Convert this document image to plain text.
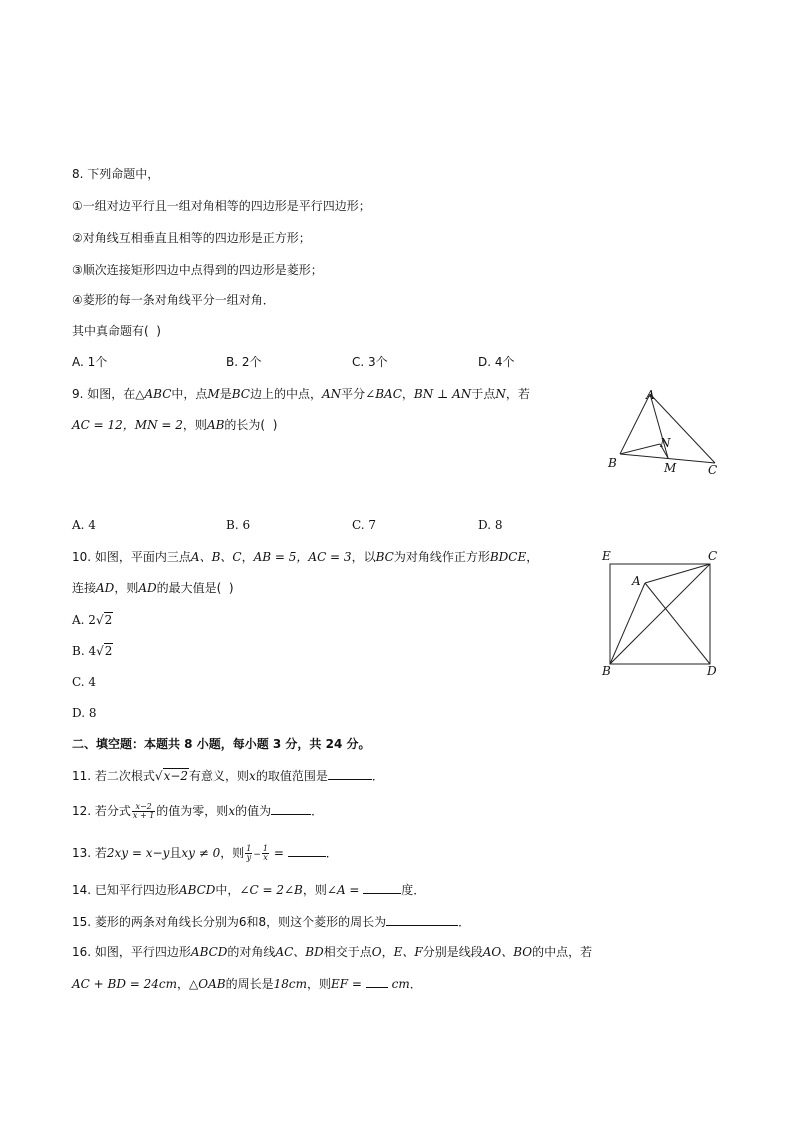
8. 下列命题中，
①一组对边平行且一组对角相等的四边形是平行四边形；
②对角线互相垂直且相等的四边形是正方形；
③顺次连接矩形四边中点得到的四边形是菱形；
④菱形的每一条对角线平分一组对角．
其中真命题有(  )
A. 1个	B. 2个	C. 3个	D. 4个
9. 如图，在△ABC中，点M是BC边上的中点，AN平分∠BAC，BN ⊥ AN于点N，若
AC = 12，MN = 2，则AB的长为(  )
A
B	C
M
N
A. 4	B. 6	C. 7	D. 8
10. 如图，平面内三点A、B、C，AB = 5，AC = 3，以BC为对角线作正方形BDCE，
连接AD，则AD的最大值是(  )
A. 2√2
B. 4√2
C. 4
D. 8
E	C
A
B	D
二、填空题：本题共 8 小题，每小题 3 分，共 24 分。
11. 若二次根式√x−2有意义，则x的取值范围是	．
12. 若分式 $\frac{x-2}{x + 1}$ 的值为零，则x的值为	．
13. 若2xy = x−y且xy ≠ 0，则 $\frac{1}{y} - \frac{1}{x}$ =	．
14. 已知平行四边形ABCD中，∠C = 2∠B，则∠A =	度．
15. 菱形的两条对角线长分别为6和8，则这个菱形的周长为	．
16. 如图，平行四边形ABCD的对角线AC、BD相交于点O，E、F分别是线段AO、BO的中点，若
AC + BD = 24cm，△OAB的周长是18cm，则EF =  cm．
